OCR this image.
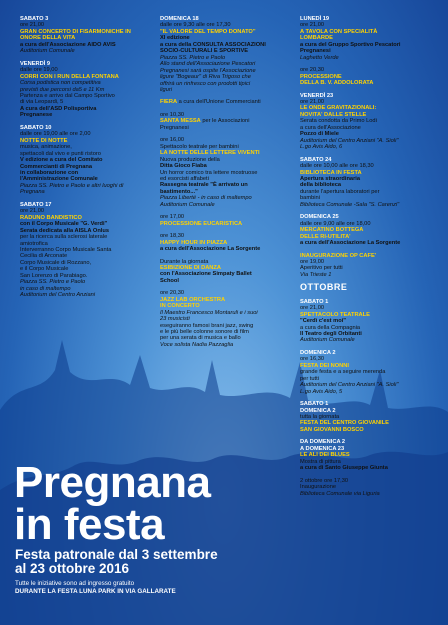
SABATO 3
ore 21,00
GRAN CONCERTO DI FISARMONICHE IN ONORE DELLA VITA
a cura dell'Associazione AIDO AVIS
Auditorium Comunale
VENERDÌ 9
dalle ore 19,00
CORRI CON I RUN DELLA FONTANA
Corsa podistica non competitiva
previsti due percorsi da5 e 11 Km
Partenza e arrivo dal Campo Sportivo
di via Leopardi, 5
A cura dell'ASD Polisportiva
Pregnanese
SABATO 10
dalle ore 19,00 alle ore 2,00
NOTTE DI NOTTE
musica, animazione,
spettacoli dal vivo e punti ristoro
V edizione a cura del Comitato
Commercianti di Pregnana
in collaborazione con
l'Amministrazione Comunale
Piazza SS. Pietro e Paolo e altri luoghi di
Pregnana
SABATO 17
ore 21,00
RADUNO BANDISTICO
con il Corpo Musicale "G. Verdi"
Serata dedicata alla AISLA Onlus
per la ricerca sulla sclerosi laterale
amiotrofica
Interverranno Corpo Musicale Santa
Cecilia di Arconate
Corpo Musicale di Rozzano,
e il Corpo Musicale
San Lorenzo di Parabiago.
Piazza SS. Pietro e Paolo
in caso di maltempo
Auditorium del Centro Anziani
DOMENICA 18
dalle ore 9,30 alle ore 17,30
"IL VALORE DEL TEMPO DONATO"
XI edizione
a cura della CONSULTA ASSOCIAZIONI
SOCIO-CULTURALI E SPORTIVE
Piazza SS. Pietro e Paolo
Allo stand dell'Associazione Pescatori
Pregnanesi sarà ospite l'Associazione
ligure "Bogeaur" di Riva Trigoso che
offrirà un rinfresco con prodotti tipici
liguri
FIERA a cura dell'Unione Commercianti
ore 10,30
SANTA MESSA per le Associazioni
Pregnanesi
ore 16,00
Spettacolo teatrale per bambini
LA NOTTE DELLE LETTERE VIVENTI
Nuova produzione della
Ditta Gioco Fiaba
Un horror comico tra lettere mostruose
ed esorcisti affabeti
Rassegna teatrale "È arrivato un
bastimento..."
Piazza Liberté - in caso di maltempo
Auditorium Comunale
ore 17,00
PROCESSIONE EUCARISTICA
ore 18,30
HAPPY HOUR IN PIAZZA
a cura dell'Associazione La Sorgente
Durante la giornata
ESIBIZIONE DI DANZA
con l'Associazione Simpaty Ballet
School
ore 20,30
JAZZ LAB ORCHESTRA
IN CONCERTO
Il Maestro Francesco Montaruli e i suoi
23 musicisti
eseguiranno famosi brani jazz, swing
e le più belle colonne sonore di film
per una serata di musica e ballo
Voce solista Nadia Pazzaglia
LUNEDÌ 19
ore 21,00
A TAVOLA CON SPECIALITÀ
LOMBARDE
a cura del Gruppo Sportivo Pescatori
Pregnanesi
Laghetto Verde
ore 20,30
PROCESSIONE
DELLA B. V. ADDOLORATA
VENERDÌ 23
ore 21,00
LE ONDE GRAVITAZIONALI:
NOVITA' DALLE STELLE
Serata condotta da Primo Lodi
a cura dell'Associazione
Pozzo di Miele
Auditorium del Centro Anziani "A. Sioli"
L.go Avis Aido, 6
SABATO 24
dalle ore 10,00 alle ore 18,30
BIBLIOTECA IN FESTA
Apertura straordinaria
della biblioteca
durante l'apertura laboratori per
bambini
Biblioteca Comunale -Sala "S. Carenzi"
DOMENICA 25
dalle ore 9,00 alle ore 18,00
MERCATINO BOTTEGA
DELLE RI-UTILITA'
a cura dell'Associazione La Sorgente
INAUGURAZIONE OP CAFE'
ore 19,00
Aperitivo per tutti
Via Trieste 1
OTTOBRE
SABATO 1
ore 21,00
SPETTACOLO TEATRALE
"Cerdì c'est moi"
a cura della Compagnia
Il Teatro degli Orbitanti
Auditorium Comunale
DOMENICA 2
ore 16,30
FESTA DEI NONNI
grande festa e a seguire merenda
per tutti
Auditorium del Centro Anziani "A. Sioli"
L.go Avis Aido, 5
SABATO 1
DOMENICA 2
tutta la giornata
FESTA DEL CENTRO GIOVANILE
SAN GIOVANNI BOSCO
DA DOMENICA 2
A DOMENICA 23
LE ALI DEI BLUES
Mostra di pittura
a cura di Santo Giuseppe Giunta
2 ottobre ore 17,30
Inaugurazione
Biblioteca Comunale via Liguria
Pregnana
in festa
Festa patronale dal 3 settembre
al 23 ottobre 2016
Tutte le iniziative sono ad ingresso gratuito
DURANTE LA FESTA LUNA PARK IN VIA GALLARATE
